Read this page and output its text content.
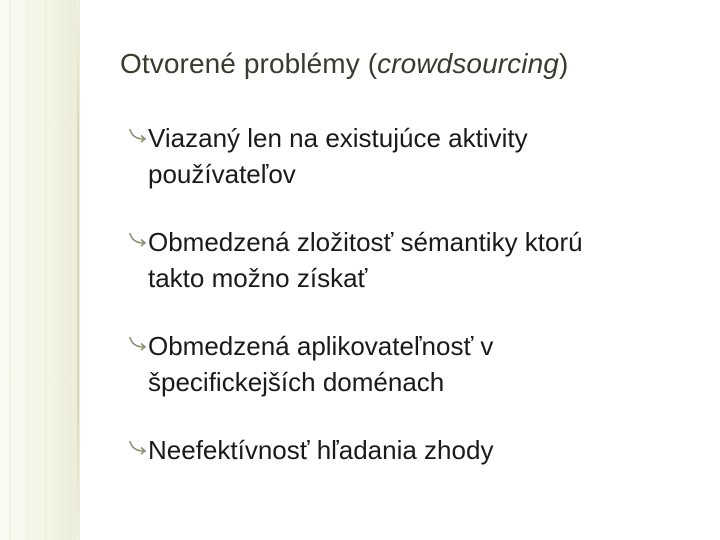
Otvorené problémy (crowdsourcing)
Viazaný len na existujúce aktivity
používateľov
Obmedzená zložitosť sémantiky ktorú
takto možno získať
Obmedzená aplikovateľnosť v
špecifickejších doménach
Neefektívnosť hľadania zhody
